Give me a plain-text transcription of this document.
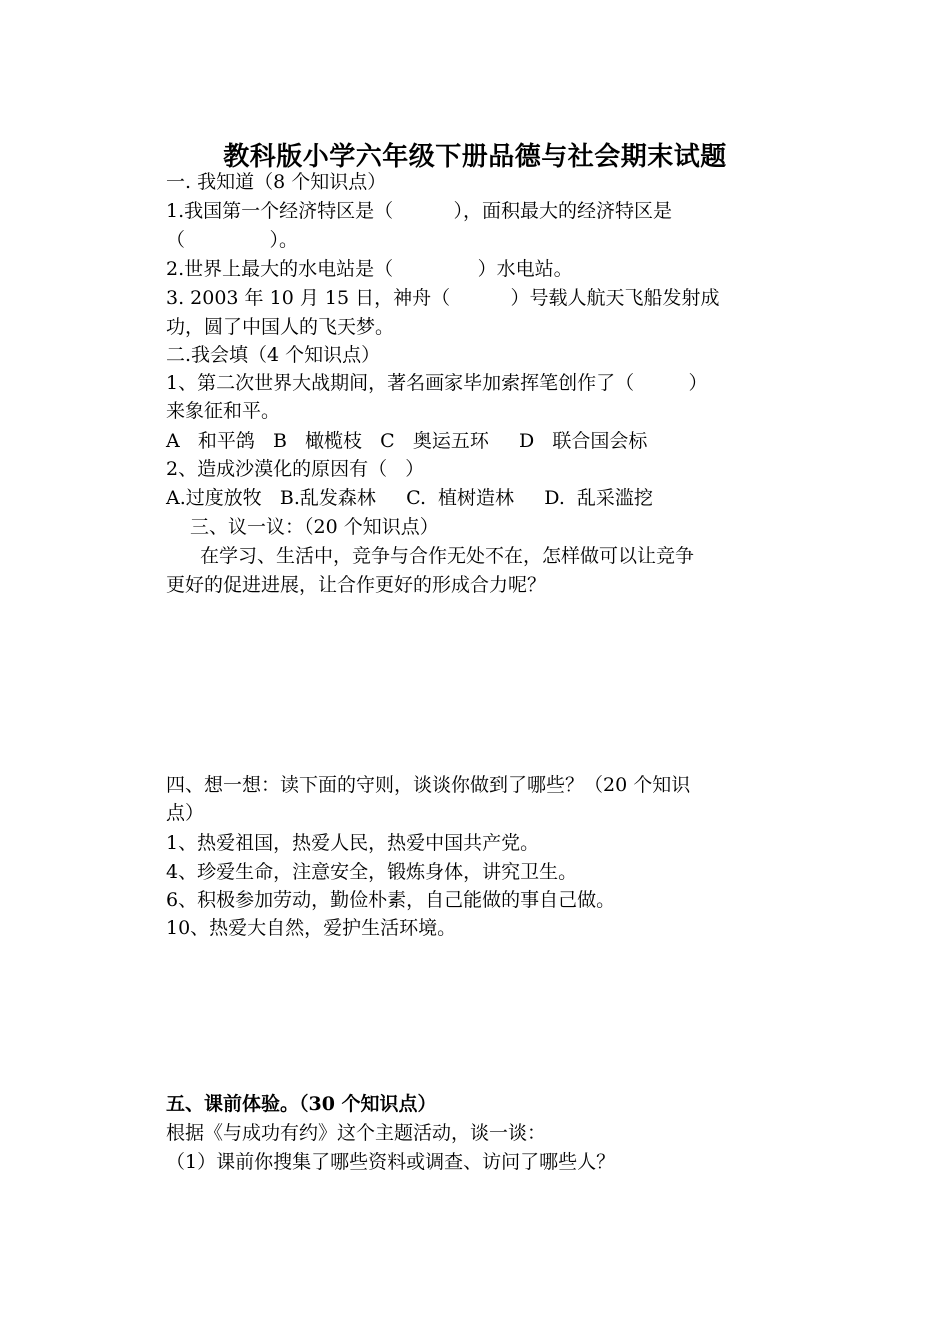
教科版小学六年级下册品德与社会期末试题
一. 我知道（8 个知识点）
1.我国第一个经济特区是（          ），面积最大的经济特区是
（              ）。
2.世界上最大的水电站是（              ）水电站。
3. 2003 年 10 月 15 日，神舟（          ）号载人航天飞船发射成
功，圆了中国人的飞天梦。
二.我会填（4 个知识点）
1、第二次世界大战期间，著名画家毕加索挥笔创作了（         ）
来象征和平。
A   和平鸽   B   橄榄枝   C   奥运五环     D   联合国会标
2、造成沙漠化的原因有（   ）
A.过度放牧   B.乱发森林     C.  植树造林     D.  乱采滥挖
三、议一议：（20 个知识点）
在学习、生活中，竞争与合作无处不在，怎样做可以让竞争
更好的促进进展，让合作更好的形成合力呢？
四、想一想：读下面的守则，谈谈你做到了哪些？（20 个知识
点）
1、热爱祖国，热爱人民，热爱中国共产党。
4、珍爱生命，注意安全，锻炼身体，讲究卫生。
6、积极参加劳动，勤俭朴素，自己能做的事自己做。
10、热爱大自然，爱护生活环境。
五、课前体验。（30 个知识点）
根据《与成功有约》这个主题活动，谈一谈：
（1）课前你搜集了哪些资料或调查、访问了哪些人？
